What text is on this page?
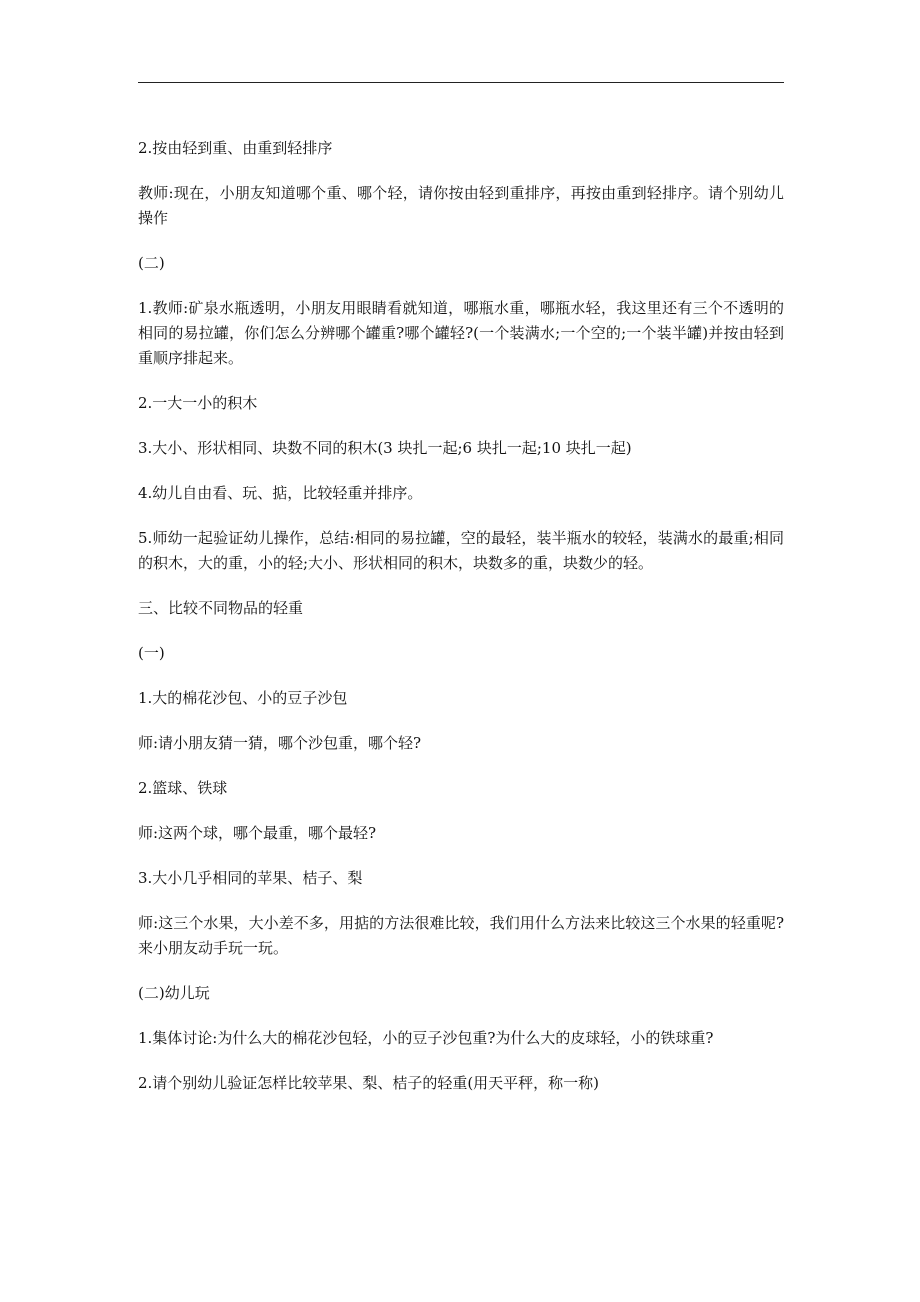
2.按由轻到重、由重到轻排序

教师:现在，小朋友知道哪个重、哪个轻，请你按由轻到重排序，再按由重到轻排序。请个别幼儿操作

(二)

1.教师:矿泉水瓶透明，小朋友用眼睛看就知道，哪瓶水重，哪瓶水轻，我这里还有三个不透明的相同的易拉罐，你们怎么分辨哪个罐重?哪个罐轻?(一个装满水;一个空的;一个装半罐)并按由轻到重顺序排起来。

2.一大一小的积木

3.大小、形状相同、块数不同的积木(3 块扎一起;6 块扎一起;10 块扎一起)

4.幼儿自由看、玩、掂，比较轻重并排序。

5.师幼一起验证幼儿操作，总结:相同的易拉罐，空的最轻，装半瓶水的较轻，装满水的最重;相同的积木，大的重，小的轻;大小、形状相同的积木，块数多的重，块数少的轻。

三、比较不同物品的轻重

(一)

1.大的棉花沙包、小的豆子沙包

师:请小朋友猜一猜，哪个沙包重，哪个轻?

2.篮球、铁球

师:这两个球，哪个最重，哪个最轻?

3.大小几乎相同的苹果、桔子、梨

师:这三个水果，大小差不多，用掂的方法很难比较，我们用什么方法来比较这三个水果的轻重呢?来小朋友动手玩一玩。

(二)幼儿玩

1.集体讨论:为什么大的棉花沙包轻，小的豆子沙包重?为什么大的皮球轻，小的铁球重?

2.请个别幼儿验证怎样比较苹果、梨、桔子的轻重(用天平秤，称一称)
